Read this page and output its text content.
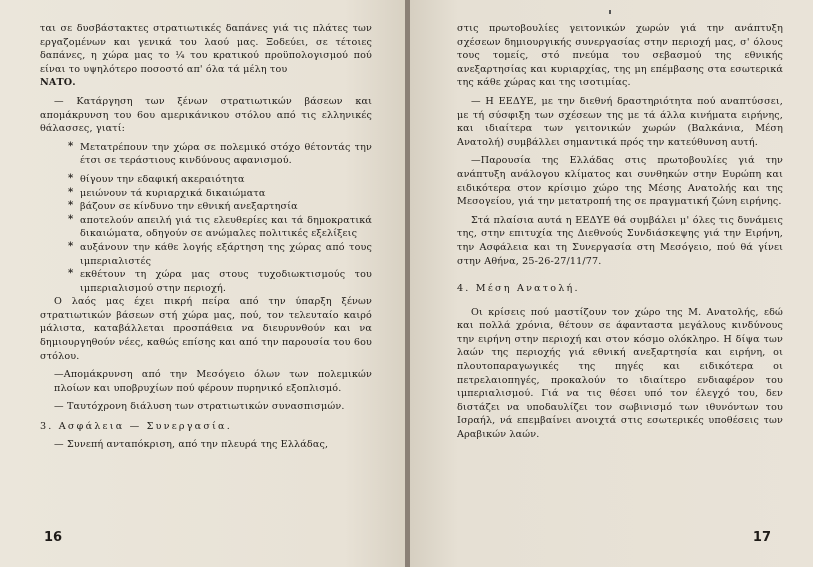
ται σε δυσβάστακτες στρατιωτικές δαπάνες γιά τις πλάτες των εργαζομένων και γενικά του λαού μας. Ξοδεύει, σε τέτοιες δαπάνες, η χώρα μας το ¼ του κρατικού προϋπολογισμού πού είναι το υψηλότερο ποσοστό απ' όλα τά μέλη του

ΝΑΤΟ.

— Κατάργηση των ξένων στρατιωτικών βάσεων και απομάκρυνση του 6ου αμερικάνικου στόλου από τις ελληνικές θάλασσες, γιατί:

* Μετατρέπουν την χώρα σε πολεμικό στόχο θέτοντάς την έτσι σε τεράστιους κινδύνους αφανισμού.

* θίγουν την εδαφική ακεραιότητα

* μειώνουν τά κυριαρχικά δικαιώματα

* βάζουν σε κίνδυνο την εθνική ανεξαρτησία

* αποτελούν απειλή γιά τις ελευθερίες και τά δημοκρατικά δικαιώματα, οδηγούν σε ανώμαλες πολιτικές εξελίξεις

* αυξάνουν την κάθε λογής εξάρτηση της χώρας από τους ιμπεριαλιστές

* εκθέτουν τη χώρα μας στους τυχοδιωκτισμούς του ιμπεριαλισμού στην περιοχή.

Ο λαός μας έχει πικρή πείρα από την ύπαρξη ξένων στρατιωτικών βάσεων στή χώρα μας, πού, τον τελευταίο καιρό μάλιστα, καταβάλλεται προσπάθεια να διευρυνθούν και να δημιουργηθούν νέες, καθώς επίσης και από την παρουσία του 6ου στόλου.

—Απομάκρυνση από την Μεσόγειο όλων των πολεμικών πλοίων και υποβρυχίων πού φέρουν πυρηνικό εξοπλισμό.

— Ταυτόχρονη διάλυση των στρατιωτικών συνασπισμών.

3. Ασφάλεια — Συνεργασία.

— Συνεπή ανταπόκριση, από την πλευρά της Ελλάδας,

16

στις πρωτοβουλίες γειτονικών χωρών γιά την ανάπτυξη σχέσεων δημιουργικής συνεργασίας στην περιοχή μας, σ' όλους τους τομείς, στό πνεύμα του σεβασμού της εθνικής ανεξαρτησίας και κυριαρχίας, της μη επέμβασης στα εσωτερικά της κάθε χώρας και της ισοτιμίας.

— Η ΕΕΔΥΕ, με την διεθνή δραστηριότητα πού αναπτύσσει, με τή σύσφιξη των σχέσεων της με τά άλλα κινήματα ειρήνης, και ιδιαίτερα των γειτονικών χωρών (Βαλκάνια, Μέση Ανατολή) συμβάλλει σημαντικά πρός την κατεύθυνση αυτή.

—Παρουσία της Ελλάδας στις πρωτοβουλίες γιά την ανάπτυξη ανάλογου κλίματος και συνθηκών στην Ευρώπη και ειδικότερα στον κρίσιμο χώρο της Μέσης Ανατολής και της Μεσογείου, γιά την μετατροπή της σε πραγματική ζώνη ειρήνης.

Στά πλαίσια αυτά η ΕΕΔΥΕ θά συμβάλει μ' όλες τις δυνάμεις της, στην επιτυχία της Διεθνούς Συνδιάσκεψης γιά την Ειρήνη, την Ασφάλεια και τη Συνεργασία στη Μεσόγειο, πού θά γίνει στην Αθήνα, 25-26-27/11/77.

4. Μέση Ανατολή.

Οι κρίσεις πού μαστίζουν τον χώρο της Μ. Ανατολής, εδώ και πολλά χρόνια, θέτουν σε άφανταστα μεγάλους κινδύνους την ειρήνη στην περιοχή και στον κόσμο ολόκληρο. Η δίψα των λαών της περιοχής γιά εθνική ανεξαρτησία και ειρήνη, οι πλουτοπαραγωγικές της πηγές και ειδικότερα οι πετρελαιοπηγές, προκαλούν το ιδιαίτερο ενδιαφέρον του ιμπεριαλισμού. Γιά να τις θέσει υπό τον έλεγχό του, δεν διστάζει να υποδαυλίζει τον σωβινισμό των ιθυνόντων του Ισραήλ, νά επεμβαίνει ανοιχτά στις εσωτερικές υποθέσεις των Αραβικών λαών.

17
